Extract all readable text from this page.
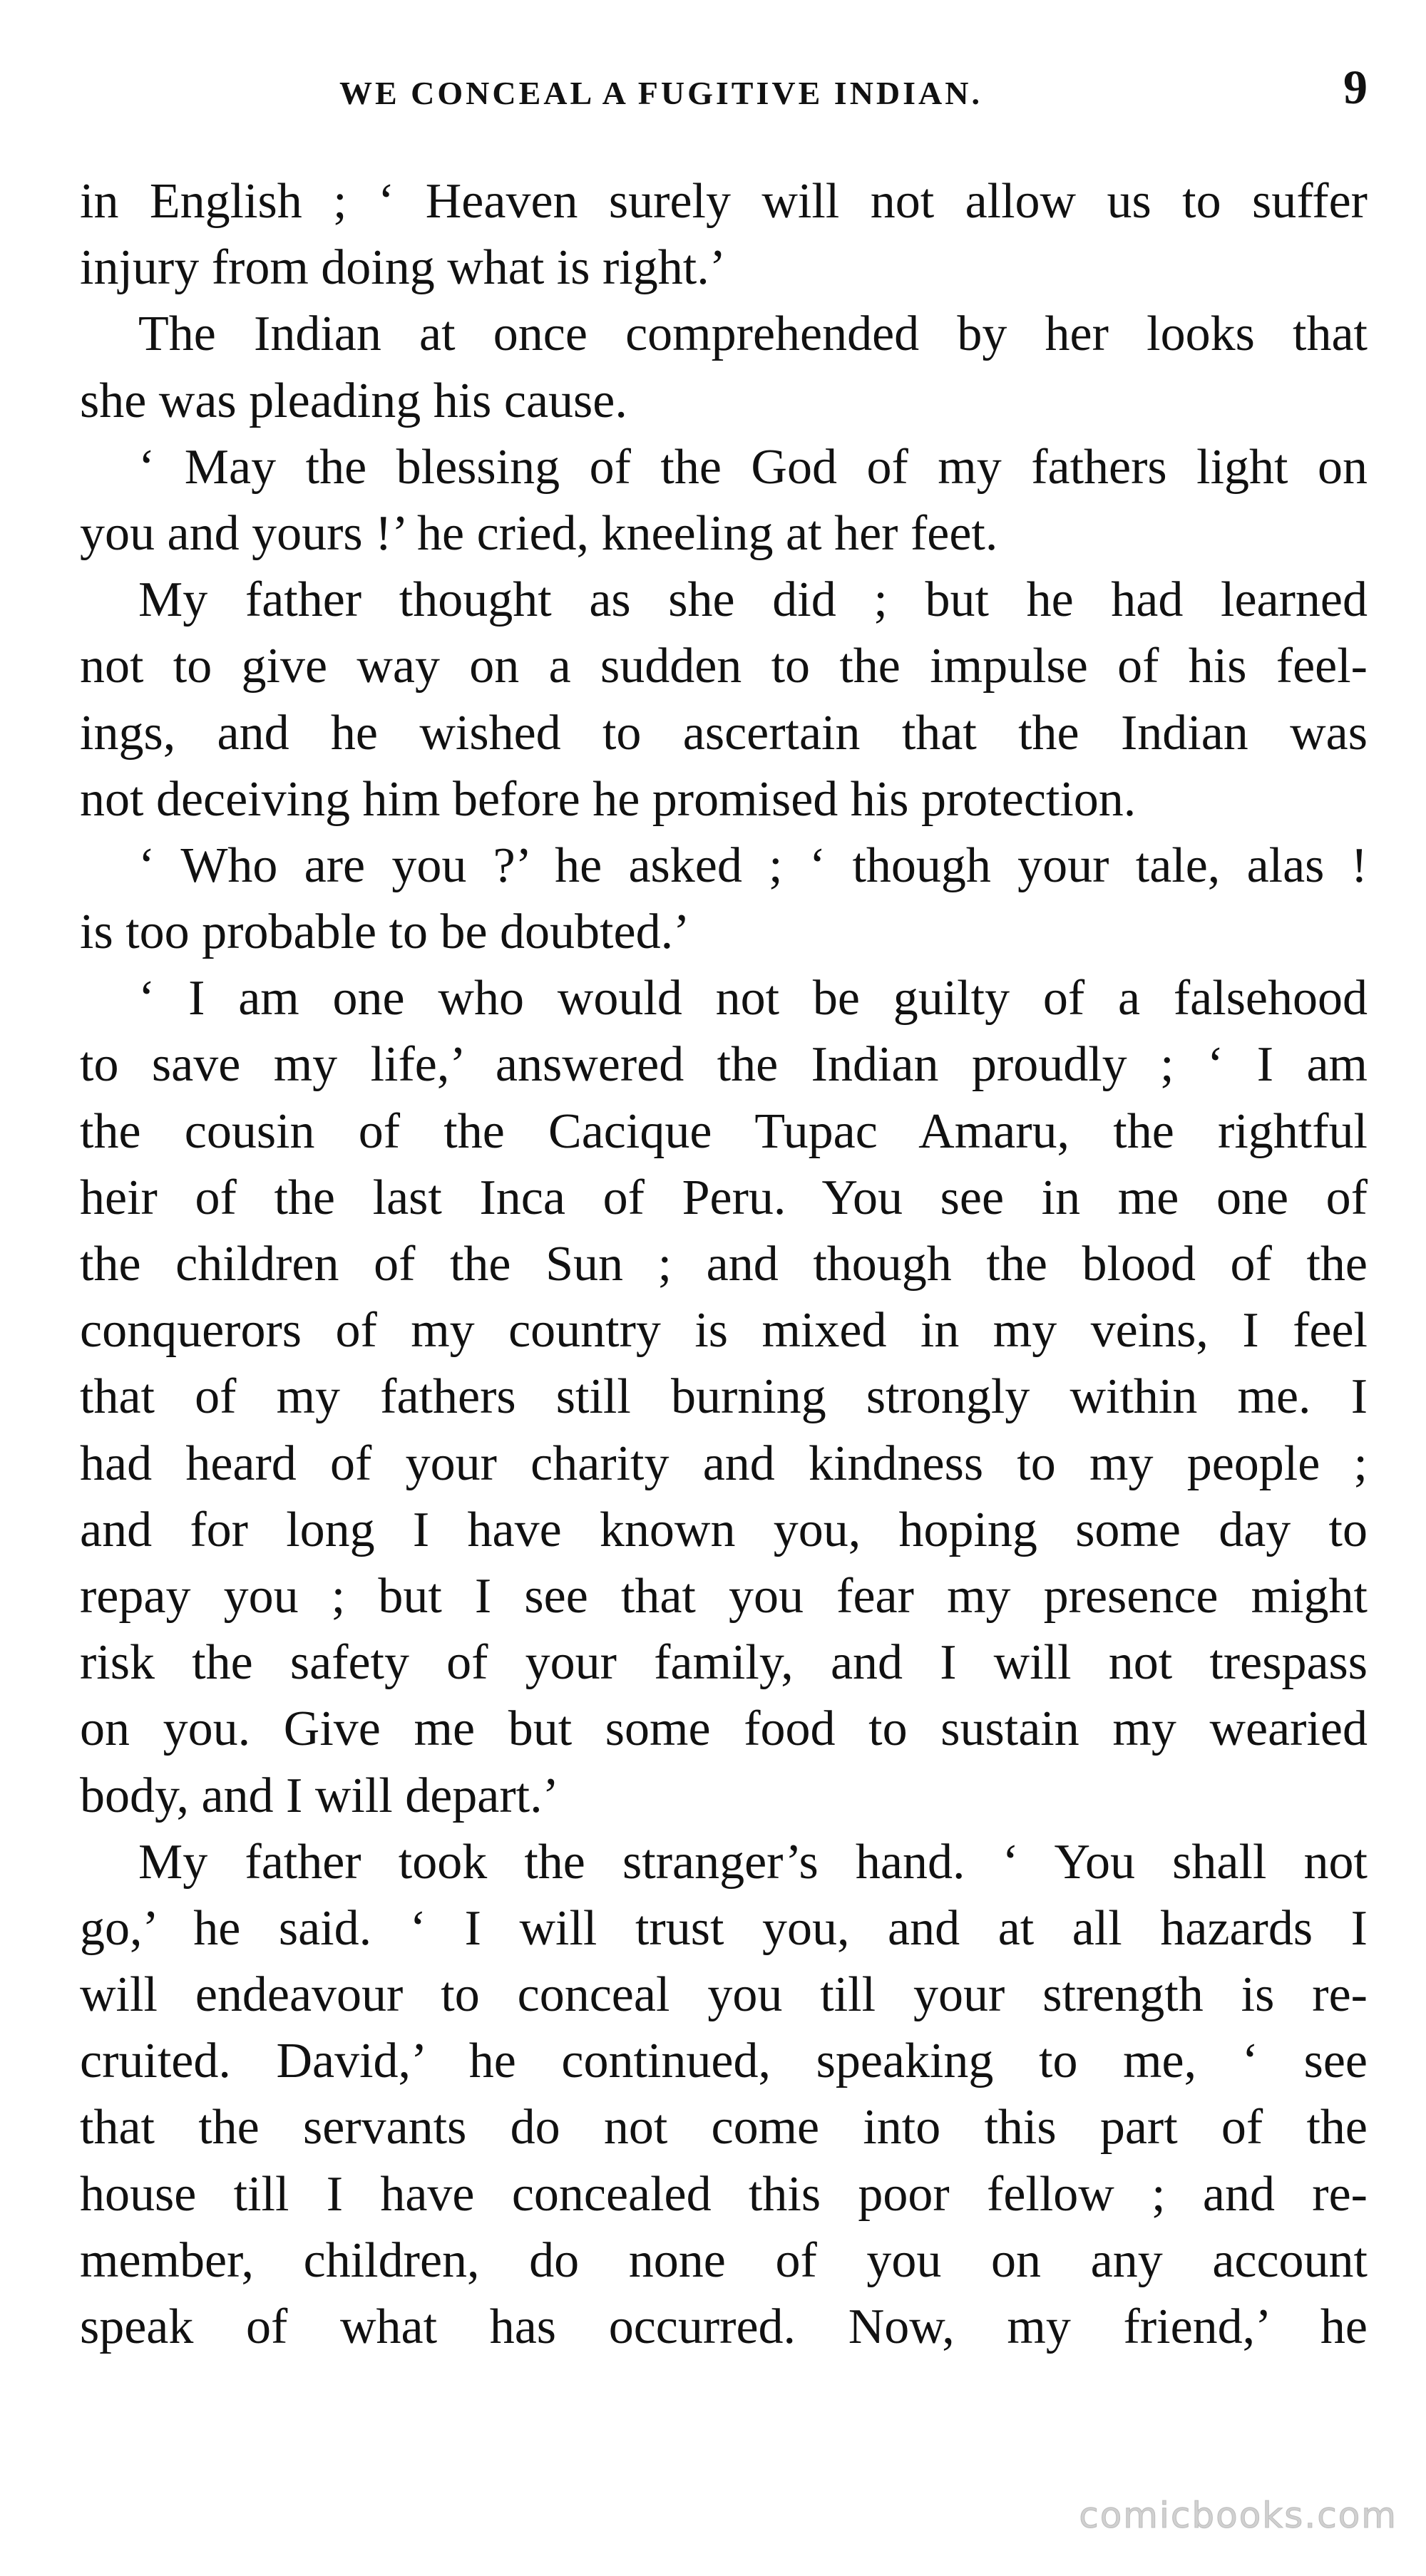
WE CONCEAL A FUGITIVE INDIAN.	9
in English ; ‘ Heaven surely will not allow us to suffer
injury from doing what is right.’
The Indian at once comprehended by her looks that
she was pleading his cause.
‘ May the blessing of the God of my fathers light on
you and yours !’ he cried, kneeling at her feet.
My father thought as she did ; but he had learned
not to give way on a sudden to the impulse of his feel-
ings, and he wished to ascertain that the Indian was
not deceiving him before he promised his protection.
‘ Who are you ?’ he asked ; ‘ though your tale, alas !
is too probable to be doubted.’
‘ I am one who would not be guilty of a falsehood
to save my life,’ answered the Indian proudly ; ‘ I am
the cousin of the Cacique Tupac Amaru, the rightful
heir of the last Inca of Peru. You see in me one of
the children of the Sun ; and though the blood of the
conquerors of my country is mixed in my veins, I feel
that of my fathers still burning strongly within me. I
had heard of your charity and kindness to my people ;
and for long I have known you, hoping some day to
repay you ; but I see that you fear my presence might
risk the safety of your family, and I will not trespass
on you. Give me but some food to sustain my wearied
body, and I will depart.’
My father took the stranger’s hand. ‘ You shall not
go,’ he said. ‘ I will trust you, and at all hazards I
will endeavour to conceal you till your strength is re-
cruited. David,’ he continued, speaking to me, ‘ see
that the servants do not come into this part of the
house till I have concealed this poor fellow ; and re-
member, children, do none of you on any account
speak of what has occurred. Now, my friend,’ he
comicbooks.com
